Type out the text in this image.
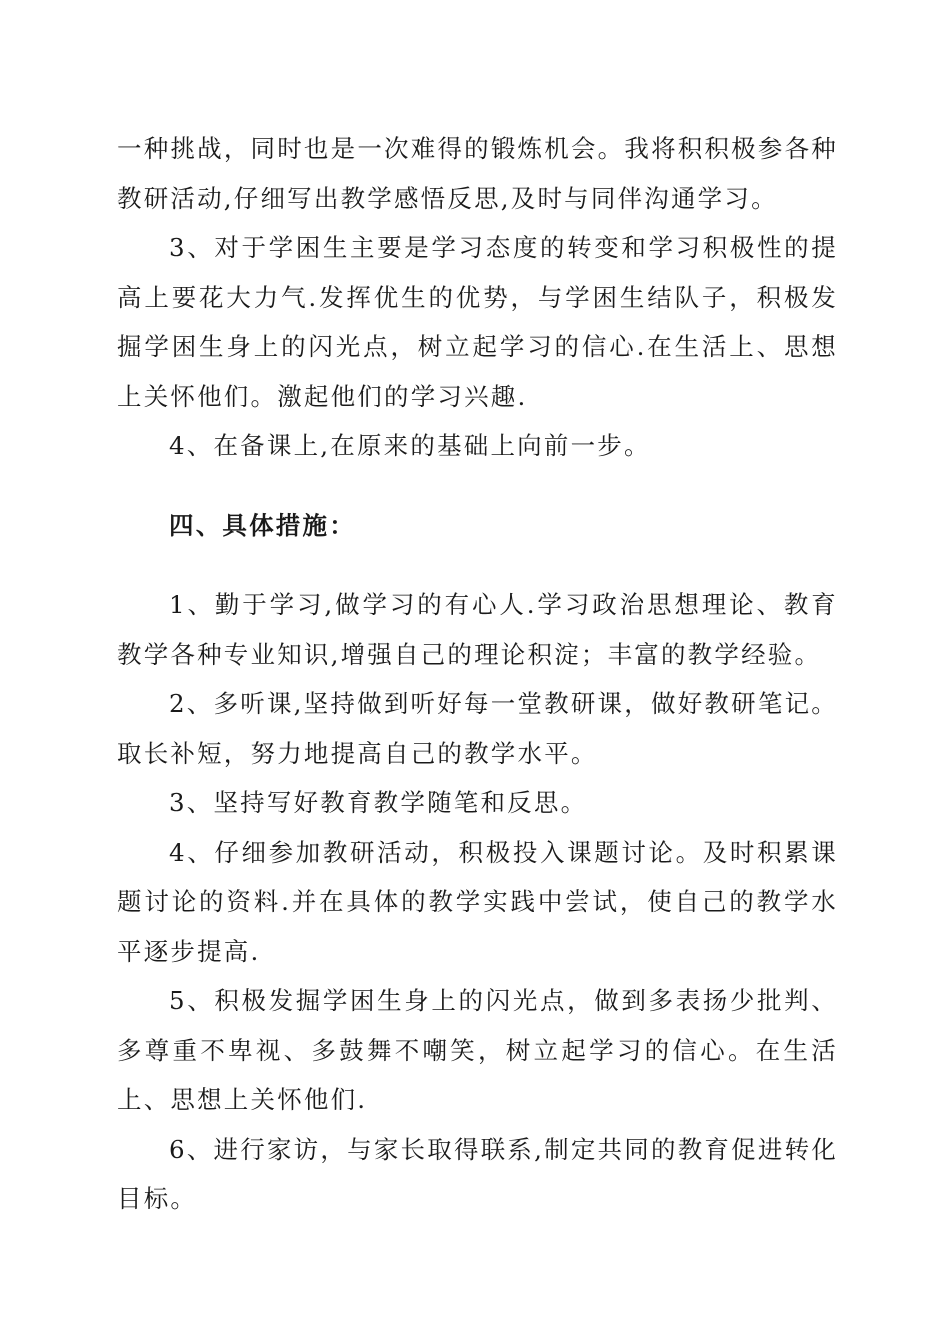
一种挑战，同时也是一次难得的锻炼机会。我将积积极参各种教研活动,仔细写出教学感悟反思,及时与同伴沟通学习。

3、对于学困生主要是学习态度的转变和学习积极性的提高上要花大力气.发挥优生的优势，与学困生结队子，积极发掘学困生身上的闪光点，树立起学习的信心.在生活上、思想上关怀他们。激起他们的学习兴趣.

4、在备课上,在原来的基础上向前一步。

四、具体措施：

1、勤于学习,做学习的有心人.学习政治思想理论、教育教学各种专业知识,增强自己的理论积淀；丰富的教学经验。

2、多听课,坚持做到听好每一堂教研课，做好教研笔记。取长补短，努力地提高自己的教学水平。

3、坚持写好教育教学随笔和反思。

4、仔细参加教研活动，积极投入课题讨论。及时积累课题讨论的资料.并在具体的教学实践中尝试，使自己的教学水平逐步提高.

5、积极发掘学困生身上的闪光点，做到多表扬少批判、多尊重不卑视、多鼓舞不嘲笑，树立起学习的信心。在生活上、思想上关怀他们.

6、进行家访，与家长取得联系,制定共同的教育促进转化目标。
